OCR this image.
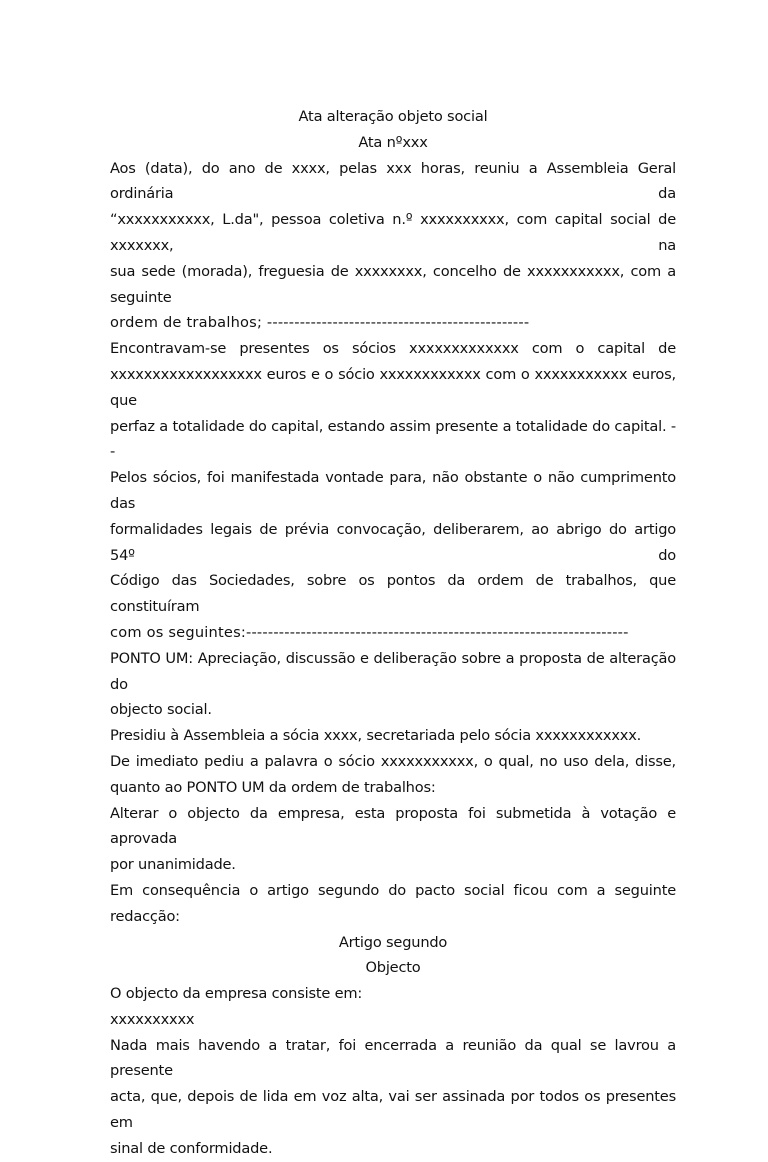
Ata alteração objeto social
Ata nºxxx
Aos (data), do ano de xxxx, pelas xxx horas, reuniu a Assembleia Geral ordinária da
“xxxxxxxxxxx, L.da", pessoa coletiva n.º xxxxxxxxxx, com capital social de xxxxxxx, na
sua sede (morada), freguesia de xxxxxxxx, concelho de xxxxxxxxxxx, com a seguinte
ordem de trabalhos; ------------------------------------------------
Encontravam-se presentes os sócios xxxxxxxxxxxxx com o capital de
xxxxxxxxxxxxxxxxxx euros e o sócio xxxxxxxxxxxx com o xxxxxxxxxxx euros, que
perfaz a totalidade do capital, estando assim presente a totalidade do capital. --
Pelos sócios, foi manifestada vontade para, não obstante o não cumprimento das
formalidades legais de prévia convocação, deliberarem, ao abrigo do artigo 54º do
Código das Sociedades, sobre os pontos da ordem de trabalhos, que constituíram
com os seguintes:----------------------------------------------------------------------
PONTO UM: Apreciação, discussão e deliberação sobre a proposta de alteração do
objecto social.
Presidiu à Assembleia a sócia xxxx, secretariada pelo sócia xxxxxxxxxxxx.
De imediato pediu a palavra o sócio xxxxxxxxxxx, o qual, no uso dela, disse,
quanto ao PONTO UM da ordem de trabalhos:
Alterar o objecto da empresa, esta proposta foi submetida à votação e aprovada
por unanimidade.
Em consequência o artigo segundo do pacto social ficou com a seguinte redacção:
Artigo segundo
Objecto
O objecto da empresa consiste em:
xxxxxxxxxx
Nada mais havendo a tratar, foi encerrada a reunião da qual se lavrou a presente
acta, que, depois de lida em voz alta, vai ser assinada por todos os presentes em
sinal de conformidade.
